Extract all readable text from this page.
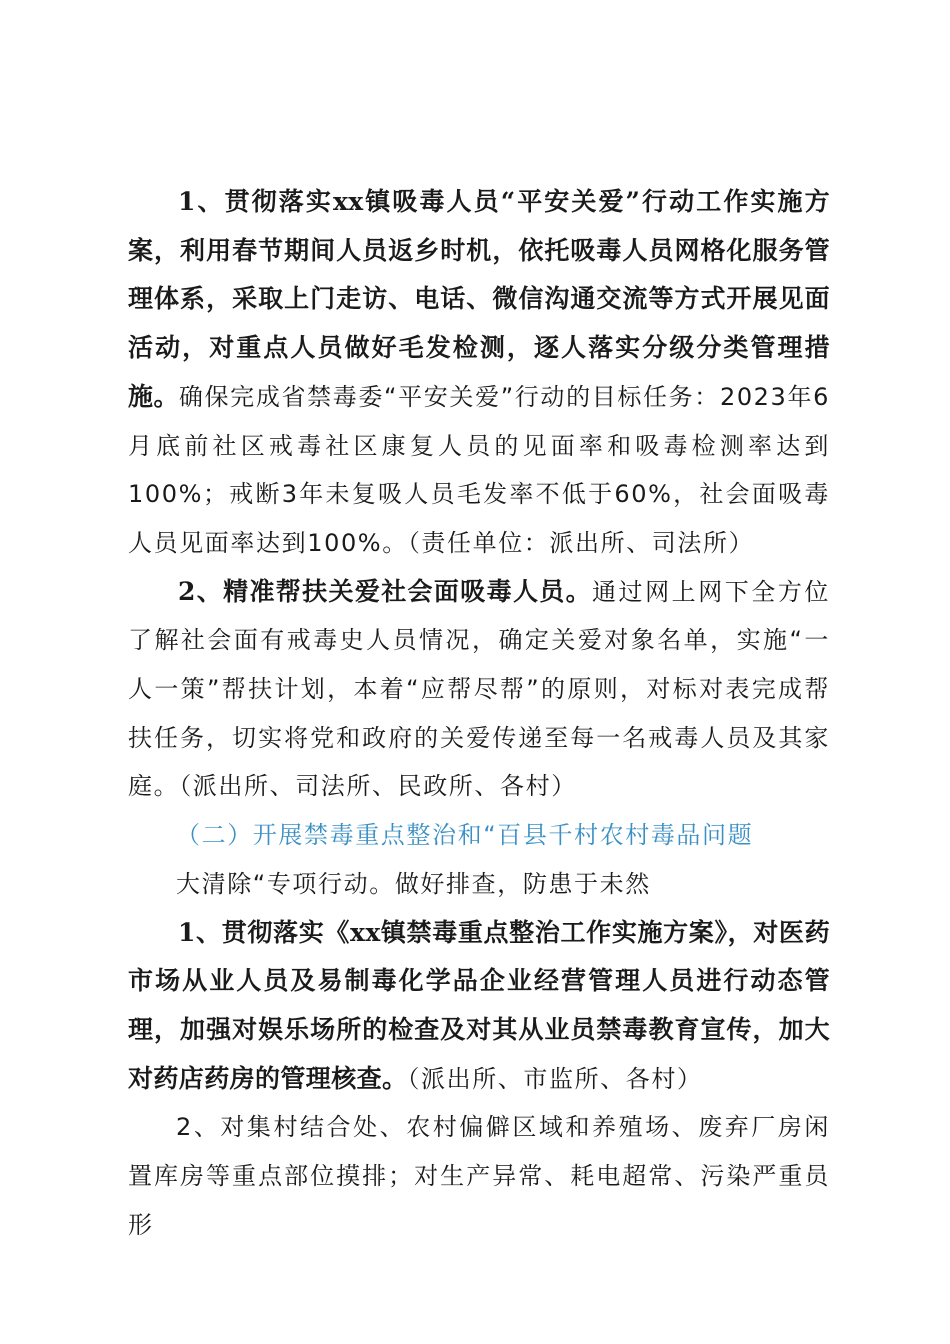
1、贯彻落实xx镇吸毒人员“平安关爱”行动工作实施方案，利用春节期间人员返乡时机，依托吸毒人员网格化服务管理体系，采取上门走访、电话、微信沟通交流等方式开展见面活动，对重点人员做好毛发检测，逐人落实分级分类管理措施。确保完成省禁毒委“平安关爱”行动的目标任务：2023年6月底前社区戒毒社区康复人员的见面率和吸毒检测率达到100%；戒断3年未复吸人员毛发率不低于60%，社会面吸毒人员见面率达到100%。（责任单位：派出所、司法所）

2、精准帮扶关爱社会面吸毒人员。通过网上网下全方位了解社会面有戒毒史人员情况，确定关爱对象名单，实施“一人一策”帮扶计划，本着“应帮尽帮”的原则，对标对表完成帮扶任务，切实将党和政府的关爱传递至每一名戒毒人员及其家庭。（派出所、司法所、民政所、各村）

（二）开展禁毒重点整治和“百县千村农村毒品问题

大清除“专项行动。做好排查，防患于未然

1、贯彻落实《xx镇禁毒重点整治工作实施方案》，对医药市场从业人员及易制毒化学品企业经营管理人员进行动态管理，加强对娱乐场所的检查及对其从业员禁毒教育宣传，加大对药店药房的管理核查。（派出所、市监所、各村）

2、对集村结合处、农村偏僻区域和养殖场、废弃厂房闲置库房等重点部位摸排；对生产异常、耗电超常、污染严重员形
